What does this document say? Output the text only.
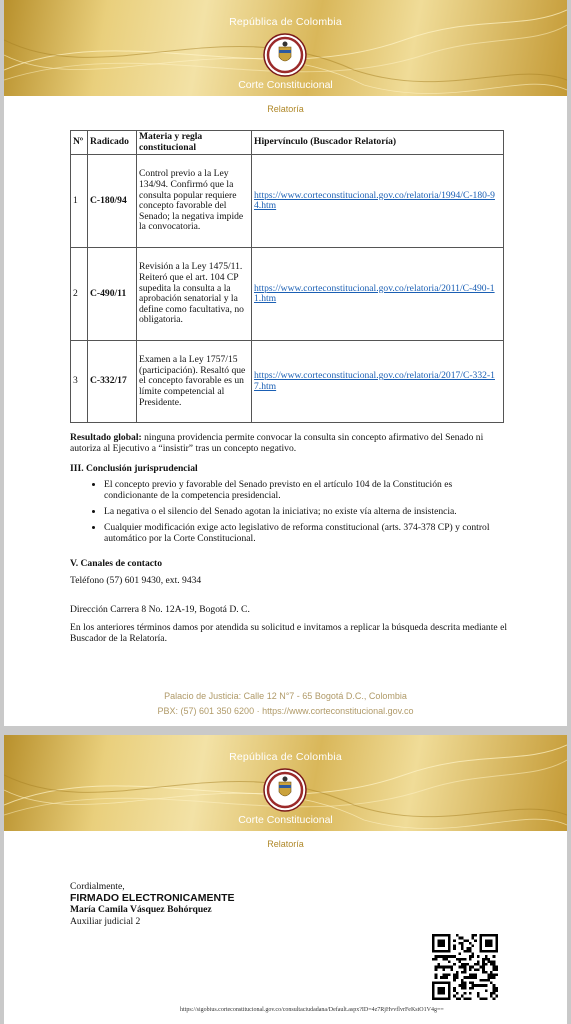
República de Colombia
Corte Constitucional
Relatoría
Nº	Radicado	Materia y regla constitucional	Hipervínculo (Buscador Relatoría)
1	C-180/94	Control previo a la Ley 134/94. Confirmó que la consulta popular requiere concepto favorable del Senado; la negativa impide la convocatoria.	https://www.corteconstitucional.gov.co/relatoria/1994/C-180-94.htm
2	C-490/11	Revisión a la Ley 1475/11. Reiteró que el art. 104 CP supedita la consulta a la aprobación senatorial y la define como facultativa, no obligatoria.	https://www.corteconstitucional.gov.co/relatoria/2011/C-490-11.htm
3	C-332/17	Examen a la Ley 1757/15 (participación). Resaltó que el concepto favorable es un límite competencial al Presidente.	https://www.corteconstitucional.gov.co/relatoria/2017/C-332-17.htm
Resultado global: ninguna providencia permite convocar la consulta sin concepto afirmativo del Senado ni autoriza al Ejecutivo a “insistir” tras un concepto negativo.
III. Conclusión jurisprudencial
• El concepto previo y favorable del Senado previsto en el artículo 104 de la Constitución es condicionante de la competencia presidencial.
• La negativa o el silencio del Senado agotan la iniciativa; no existe vía alterna de insistencia.
• Cualquier modificación exige acto legislativo de reforma constitucional (arts. 374-378 CP) y control automático por la Corte Constitucional.
V. Canales de contacto
Teléfono (57) 601 9430, ext. 9434
Dirección Carrera 8 No. 12A-19, Bogotá D. C.
En los anteriores términos damos por atendida su solicitud e invitamos a replicar la búsqueda descrita mediante el Buscador de la Relatoría.
Palacio de Justicia: Calle 12 N°7 - 65 Bogotá D.C., Colombia
PBX: (57) 601 350 6200 · https://www.corteconstitucional.gov.co
República de Colombia
Corte Constitucional
Relatoría
Cordialmente,
FIRMADO ELECTRONICAMENTE
María Camila Vásquez Bohórquez
Auxiliar judicial 2
https://sigobius.corteconstitucional.gov.co/consultaciudadana/Default.aspx?ID=4z7RjHvvflvrFeKstO1V4g==
